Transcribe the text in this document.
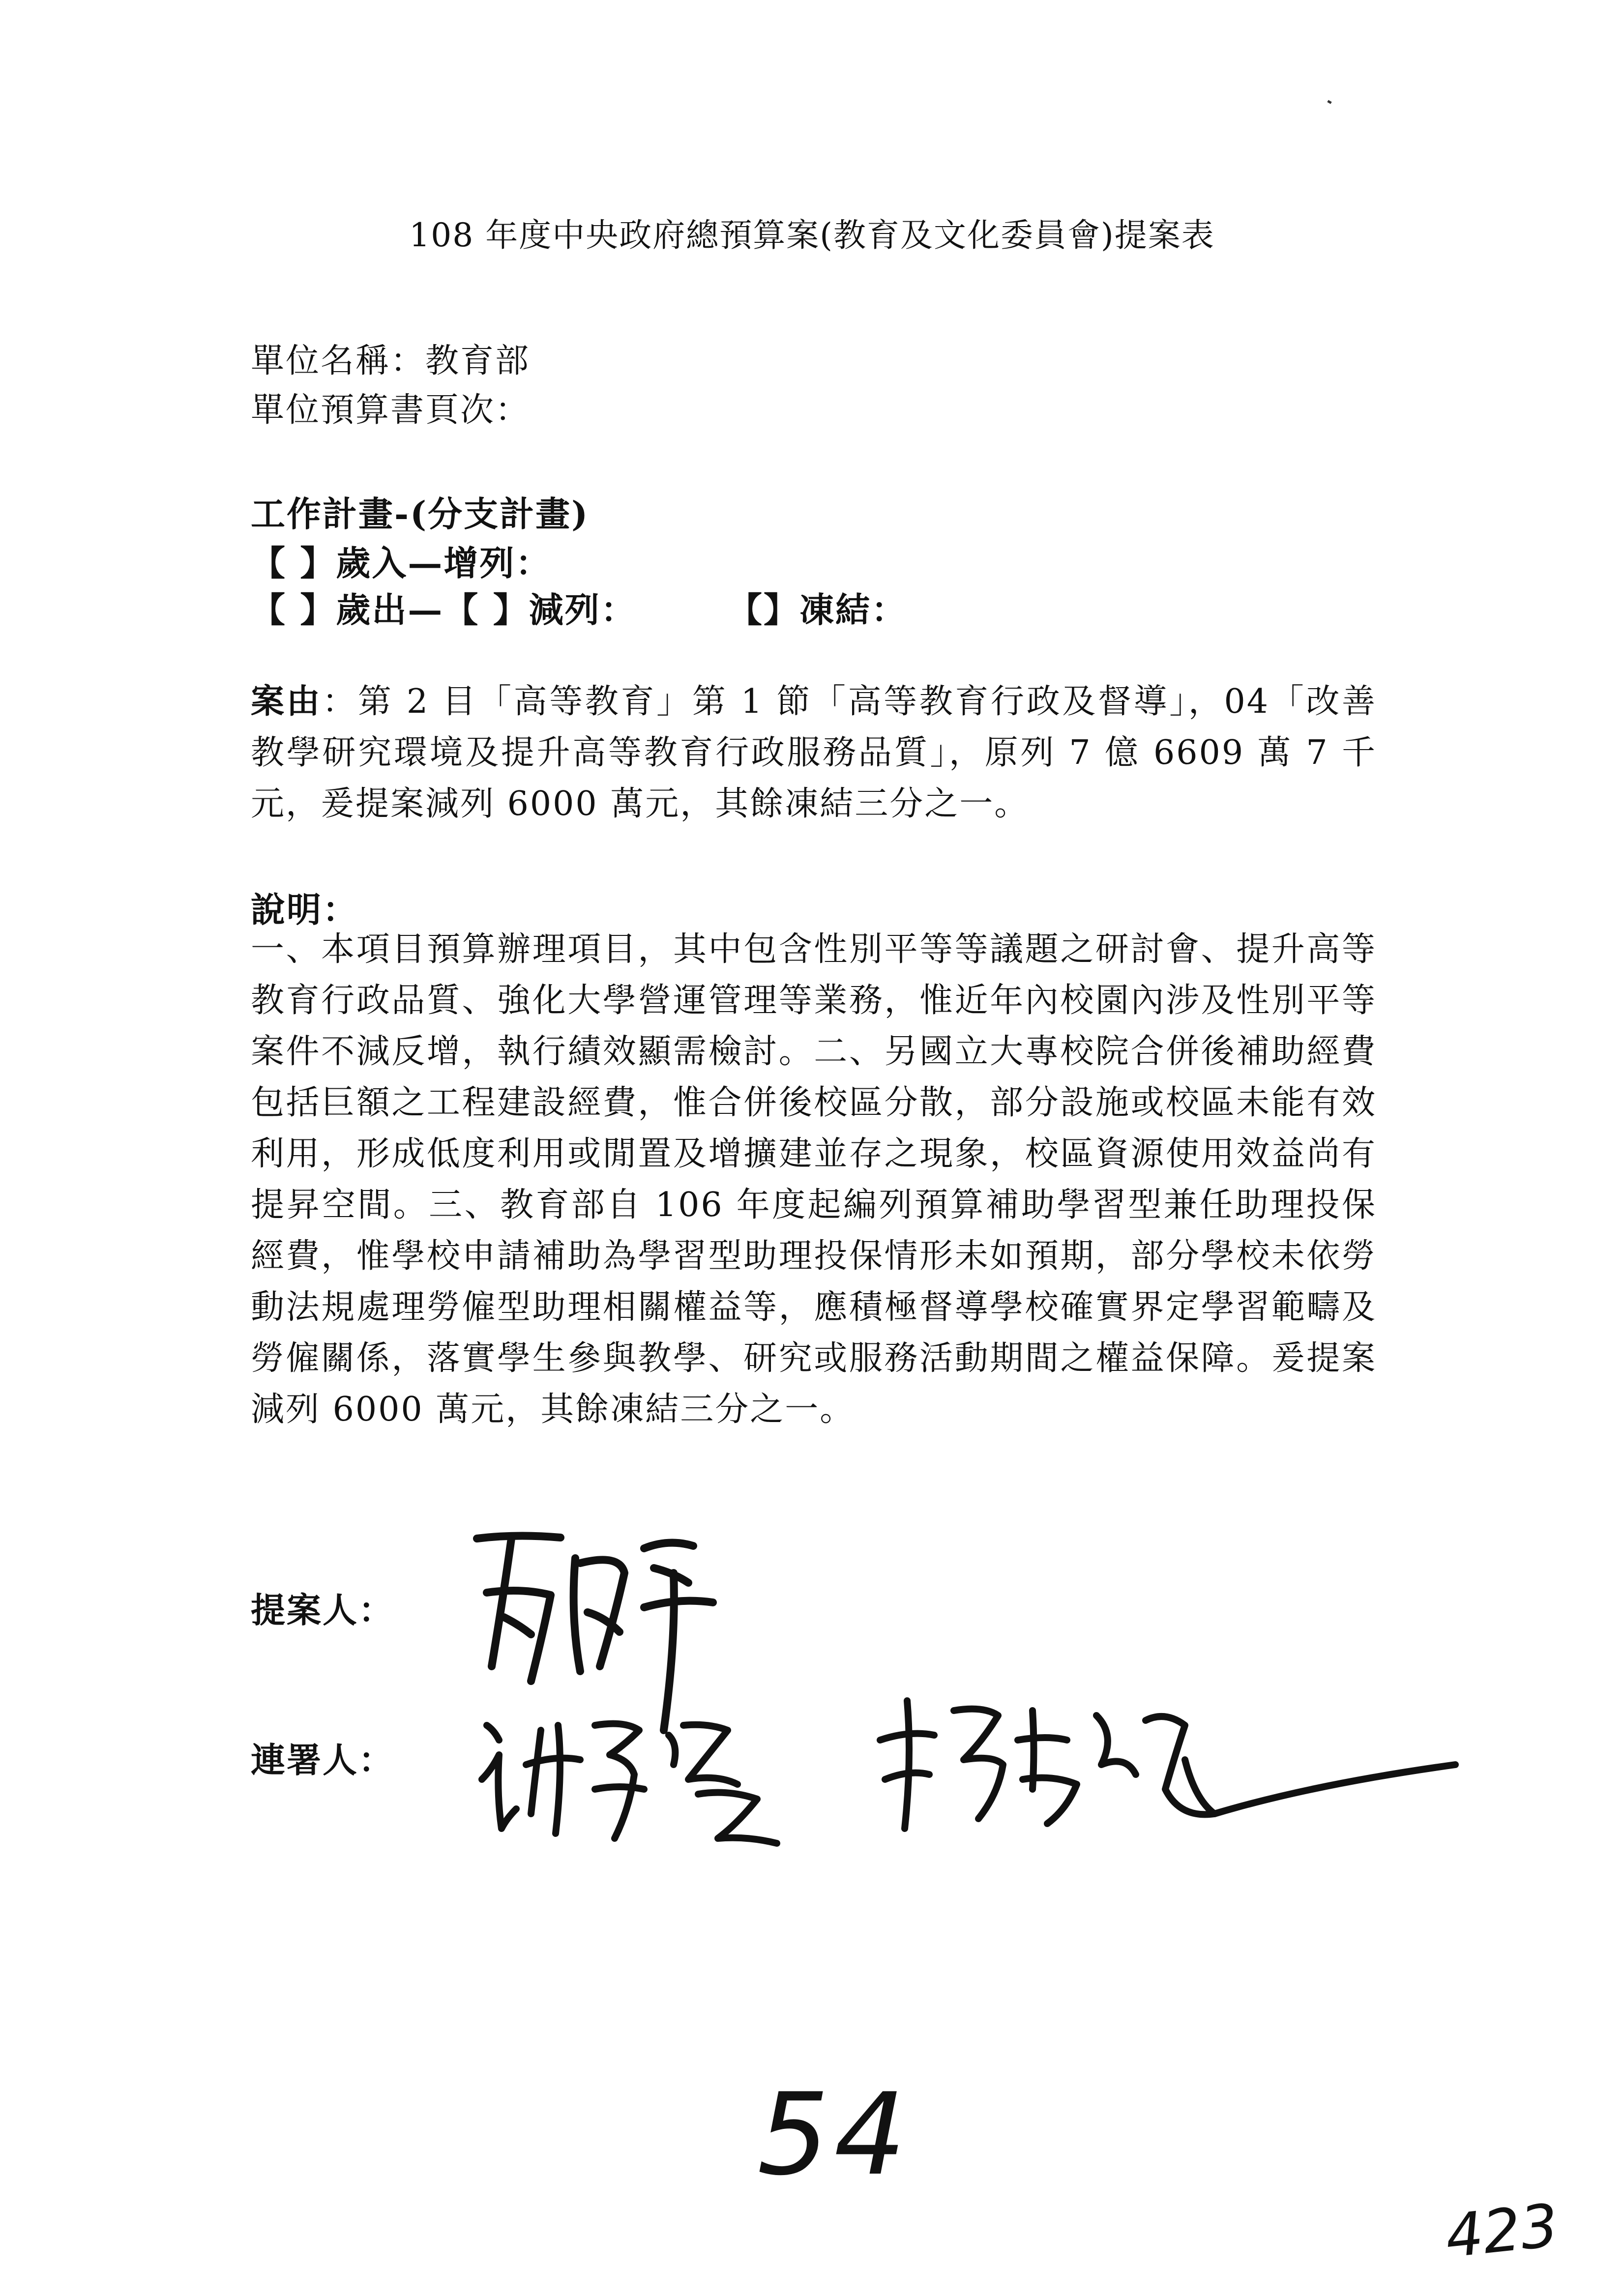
108 年度中央政府總預算案(教育及文化委員會)提案表
單位名稱：教育部
單位預算書頁次：
工作計畫-(分支計畫)
【 】歲入—增列：
【 】歲出—【 】減列：	【】凍結：
案由：第 2 目「高等教育」第 1 節「高等教育行政及督導」，04「改善教學研究環境及提升高等教育行政服務品質」，原列 7 億 6609 萬 7 千元，爰提案減列 6000 萬元，其餘凍結三分之一。
說明：
一、本項目預算辦理項目，其中包含性別平等等議題之研討會、提升高等教育行政品質、強化大學營運管理等業務，惟近年內校園內涉及性別平等案件不減反增，執行績效顯需檢討。二、另國立大專校院合併後補助經費包括巨額之工程建設經費，惟合併後校區分散，部分設施或校區未能有效利用，形成低度利用或閒置及增擴建並存之現象，校區資源使用效益尚有提昇空間。三、教育部自 106 年度起編列預算補助學習型兼任助理投保經費，惟學校申請補助為學習型助理投保情形未如預期，部分學校未依勞動法規處理勞僱型助理相關權益等，應積極督導學校確實界定學習範疇及勞僱關係，落實學生參與教學、研究或服務活動期間之權益保障。爰提案減列 6000 萬元，其餘凍結三分之一。
提案人：
連署人：
54
423
